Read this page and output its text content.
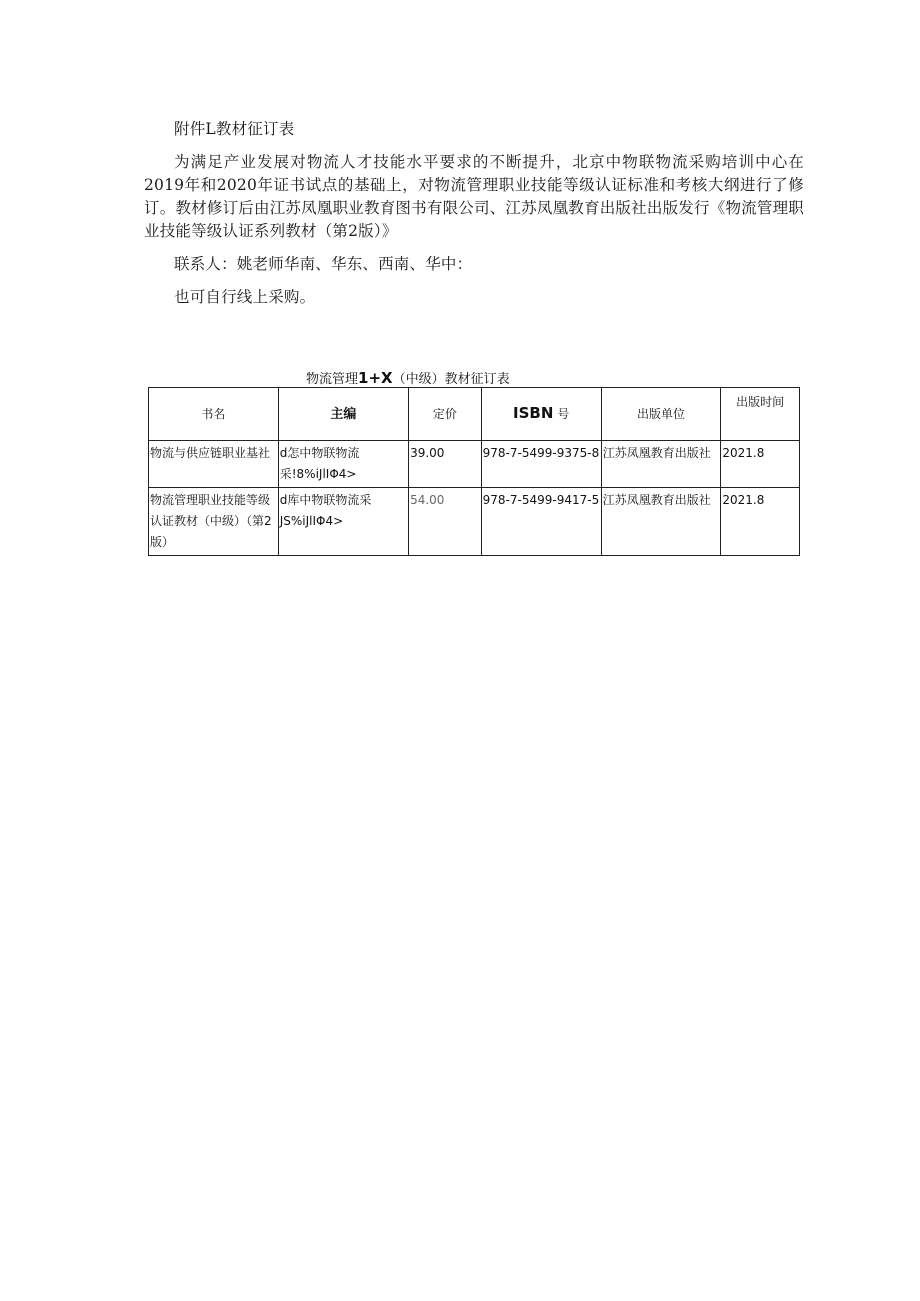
附件L教材征订表

为满足产业发展对物流人才技能水平要求的不断提升，北京中物联物流采购培训中心在2019年和2020年证书试点的基础上，对物流管理职业技能等级认证标准和考核大纲进行了修订。教材修订后由江苏凤凰职业教育图书有限公司、江苏凤凰教育出版社出版发行《物流管理职业技能等级认证系列教材（第2版）》

联系人：姚老师华南、华东、西南、华中：

也可自行线上采购。

物流管理1+X（中级）教材征订表
书名	主编	定价	ISBN 号	出版单位	出版时间
物流与供应链职业基社	d怎中物联物流采!8%iJlIΦ4>	39.00	978-7-5499-9375-8	江苏凤凰教育出版社	2021.8
物流管理职业技能等级认证教材（中级）（第2版）	d库中物联物流采JS%iJlIΦ4>	54.00	978-7-5499-9417-5	江苏凤凰教育出版社	2021.8
